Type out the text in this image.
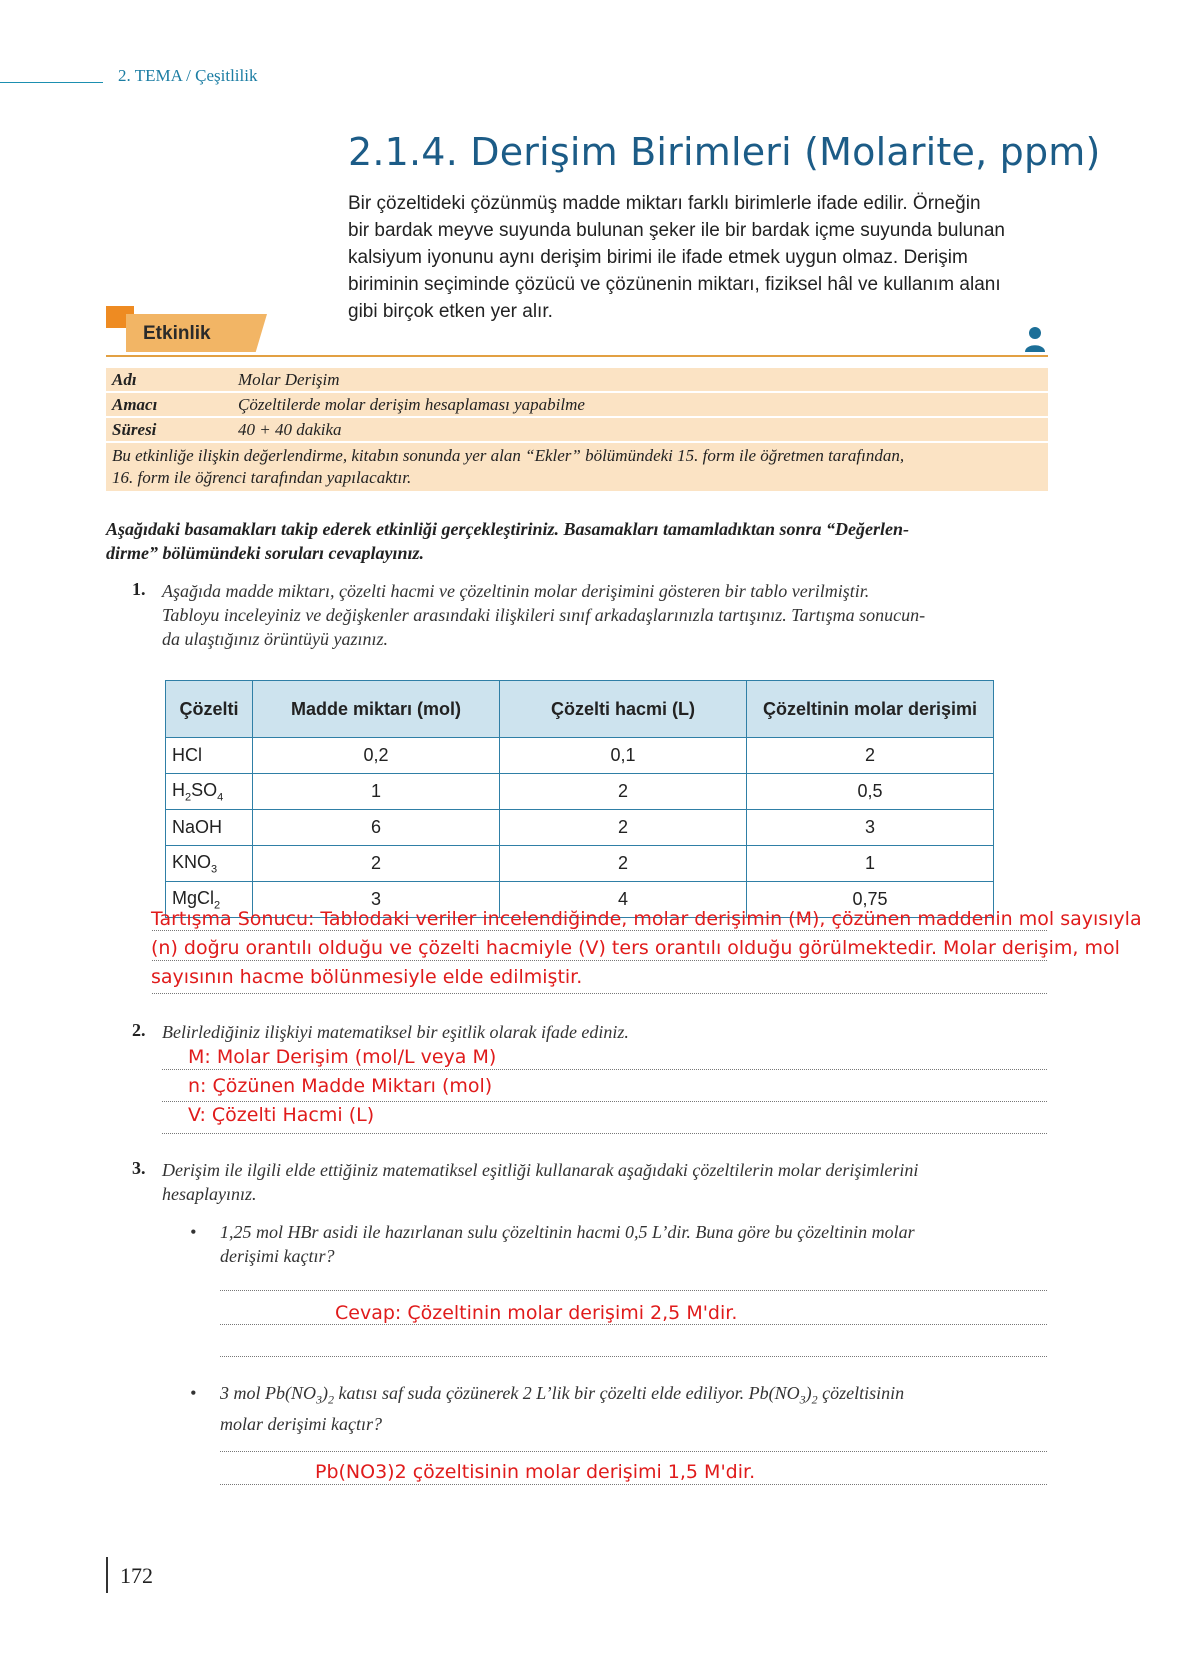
2. TEMA / Çeşitlilik
2.1.4. Derişim Birimleri (Molarite, ppm)
Bir çözeltideki çözünmüş madde miktarı farklı birimlerle ifade edilir. Örneğin
bir bardak meyve suyunda bulunan şeker ile bir bardak içme suyunda bulunan
kalsiyum iyonunu aynı derişim birimi ile ifade etmek uygun olmaz. Derişim
biriminin seçiminde çözücü ve çözünenin miktarı, fiziksel hâl ve kullanım alanı
gibi birçok etken yer alır.
Etkinlik
Adı	Molar Derişim
Amacı	Çözeltilerde molar derişim hesaplaması yapabilme
Süresi	40 + 40 dakika
Bu etkinliğe ilişkin değerlendirme, kitabın sonunda yer alan “Ekler” bölümündeki 15. form ile öğretmen tarafından,
16. form ile öğrenci tarafından yapılacaktır.
Aşağıdaki basamakları takip ederek etkinliği gerçekleştiriniz. Basamakları tamamladıktan sonra “Değerlen-
dirme” bölümündeki soruları cevaplayınız.
1. Aşağıda madde miktarı, çözelti hacmi ve çözeltinin molar derişimini gösteren bir tablo verilmiştir.
Tabloyu inceleyiniz ve değişkenler arasındaki ilişkileri sınıf arkadaşlarınızla tartışınız. Tartışma sonucun-
da ulaştığınız örüntüyü yazınız.
Çözelti	Madde miktarı (mol)	Çözelti hacmi (L)	Çözeltinin molar derişimi
HCl	0,2	0,1	2
$H_2SO_4$	1	2	0,5
NaOH	6	2	3
$KNO_3$	2	2	1
MgCl$_2$	3	4	0,75
Tartışma Sonucu: Tablodaki veriler incelendiğinde, molar derişimin (M), çözünen maddenin mol sayısıyla
(n) doğru orantılı olduğu ve çözelti hacmiyle (V) ters orantılı olduğu görülmektedir. Molar derişim, mol
sayısının hacme bölünmesiyle elde edilmiştir.
2. Belirlediğiniz ilişkiyi matematiksel bir eşitlik olarak ifade ediniz.
M: Molar Derişim (mol/L veya M)
n: Çözünen Madde Miktarı (mol)
V: Çözelti Hacmi (L)
3. Derişim ile ilgili elde ettiğiniz matematiksel eşitliği kullanarak aşağıdaki çözeltilerin molar derişimlerini
hesaplayınız.
• 1,25 mol HBr asidi ile hazırlanan sulu çözeltinin hacmi 0,5 L’dir. Buna göre bu çözeltinin molar
derişimi kaçtır?
Cevap: Çözeltinin molar derişimi 2,5 M'dir.
• 3 mol $Pb(NO_3)_2$ katısı saf suda çözünerek 2 L’lik bir çözelti elde ediliyor. $Pb(NO_3)_2$ çözeltisinin
molar derişimi kaçtır?
Pb(NO3)2 çözeltisinin molar derişimi 1,5 M'dir.
172
